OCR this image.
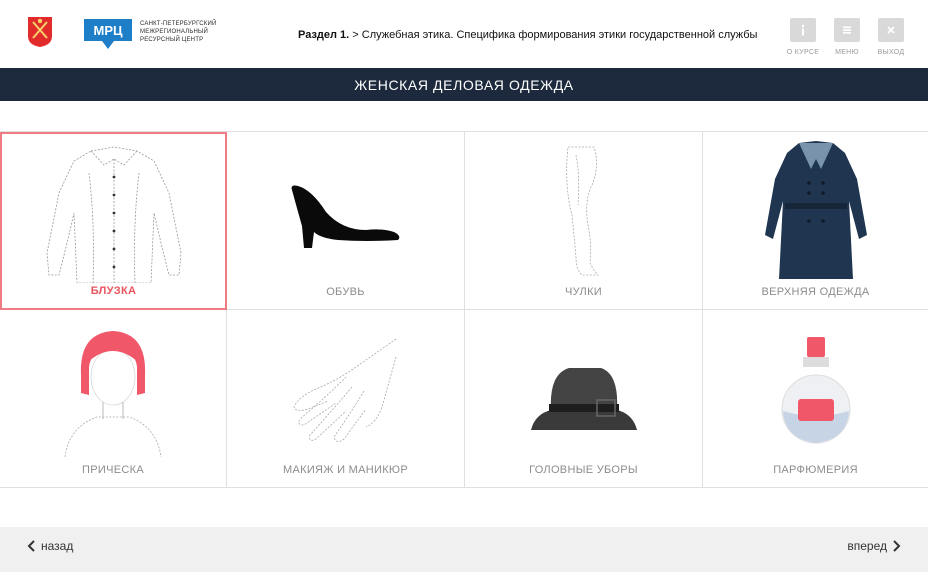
МРЦ	САНКТ-ПЕТЕРБУРГСКИЙ
МЕЖРЕГИОНАЛЬНЫЙ
РЕСУРСНЫЙ ЦЕНТР	Раздел 1. > Служебная этика. Специфика формирования этики государственной службы
О КУРСЕ	МЕНЮ	ВЫХОД
ЖЕНСКАЯ ДЕЛОВАЯ ОДЕЖДА
БЛУЗКА	ОБУВЬ	ЧУЛКИ	ВЕРХНЯЯ ОДЕЖДА
ПРИЧЕСКА	МАКИЯЖ И МАНИКЮР	ГОЛОВНЫЕ УБОРЫ	ПАРФЮМЕРИЯ
назад	вперед
